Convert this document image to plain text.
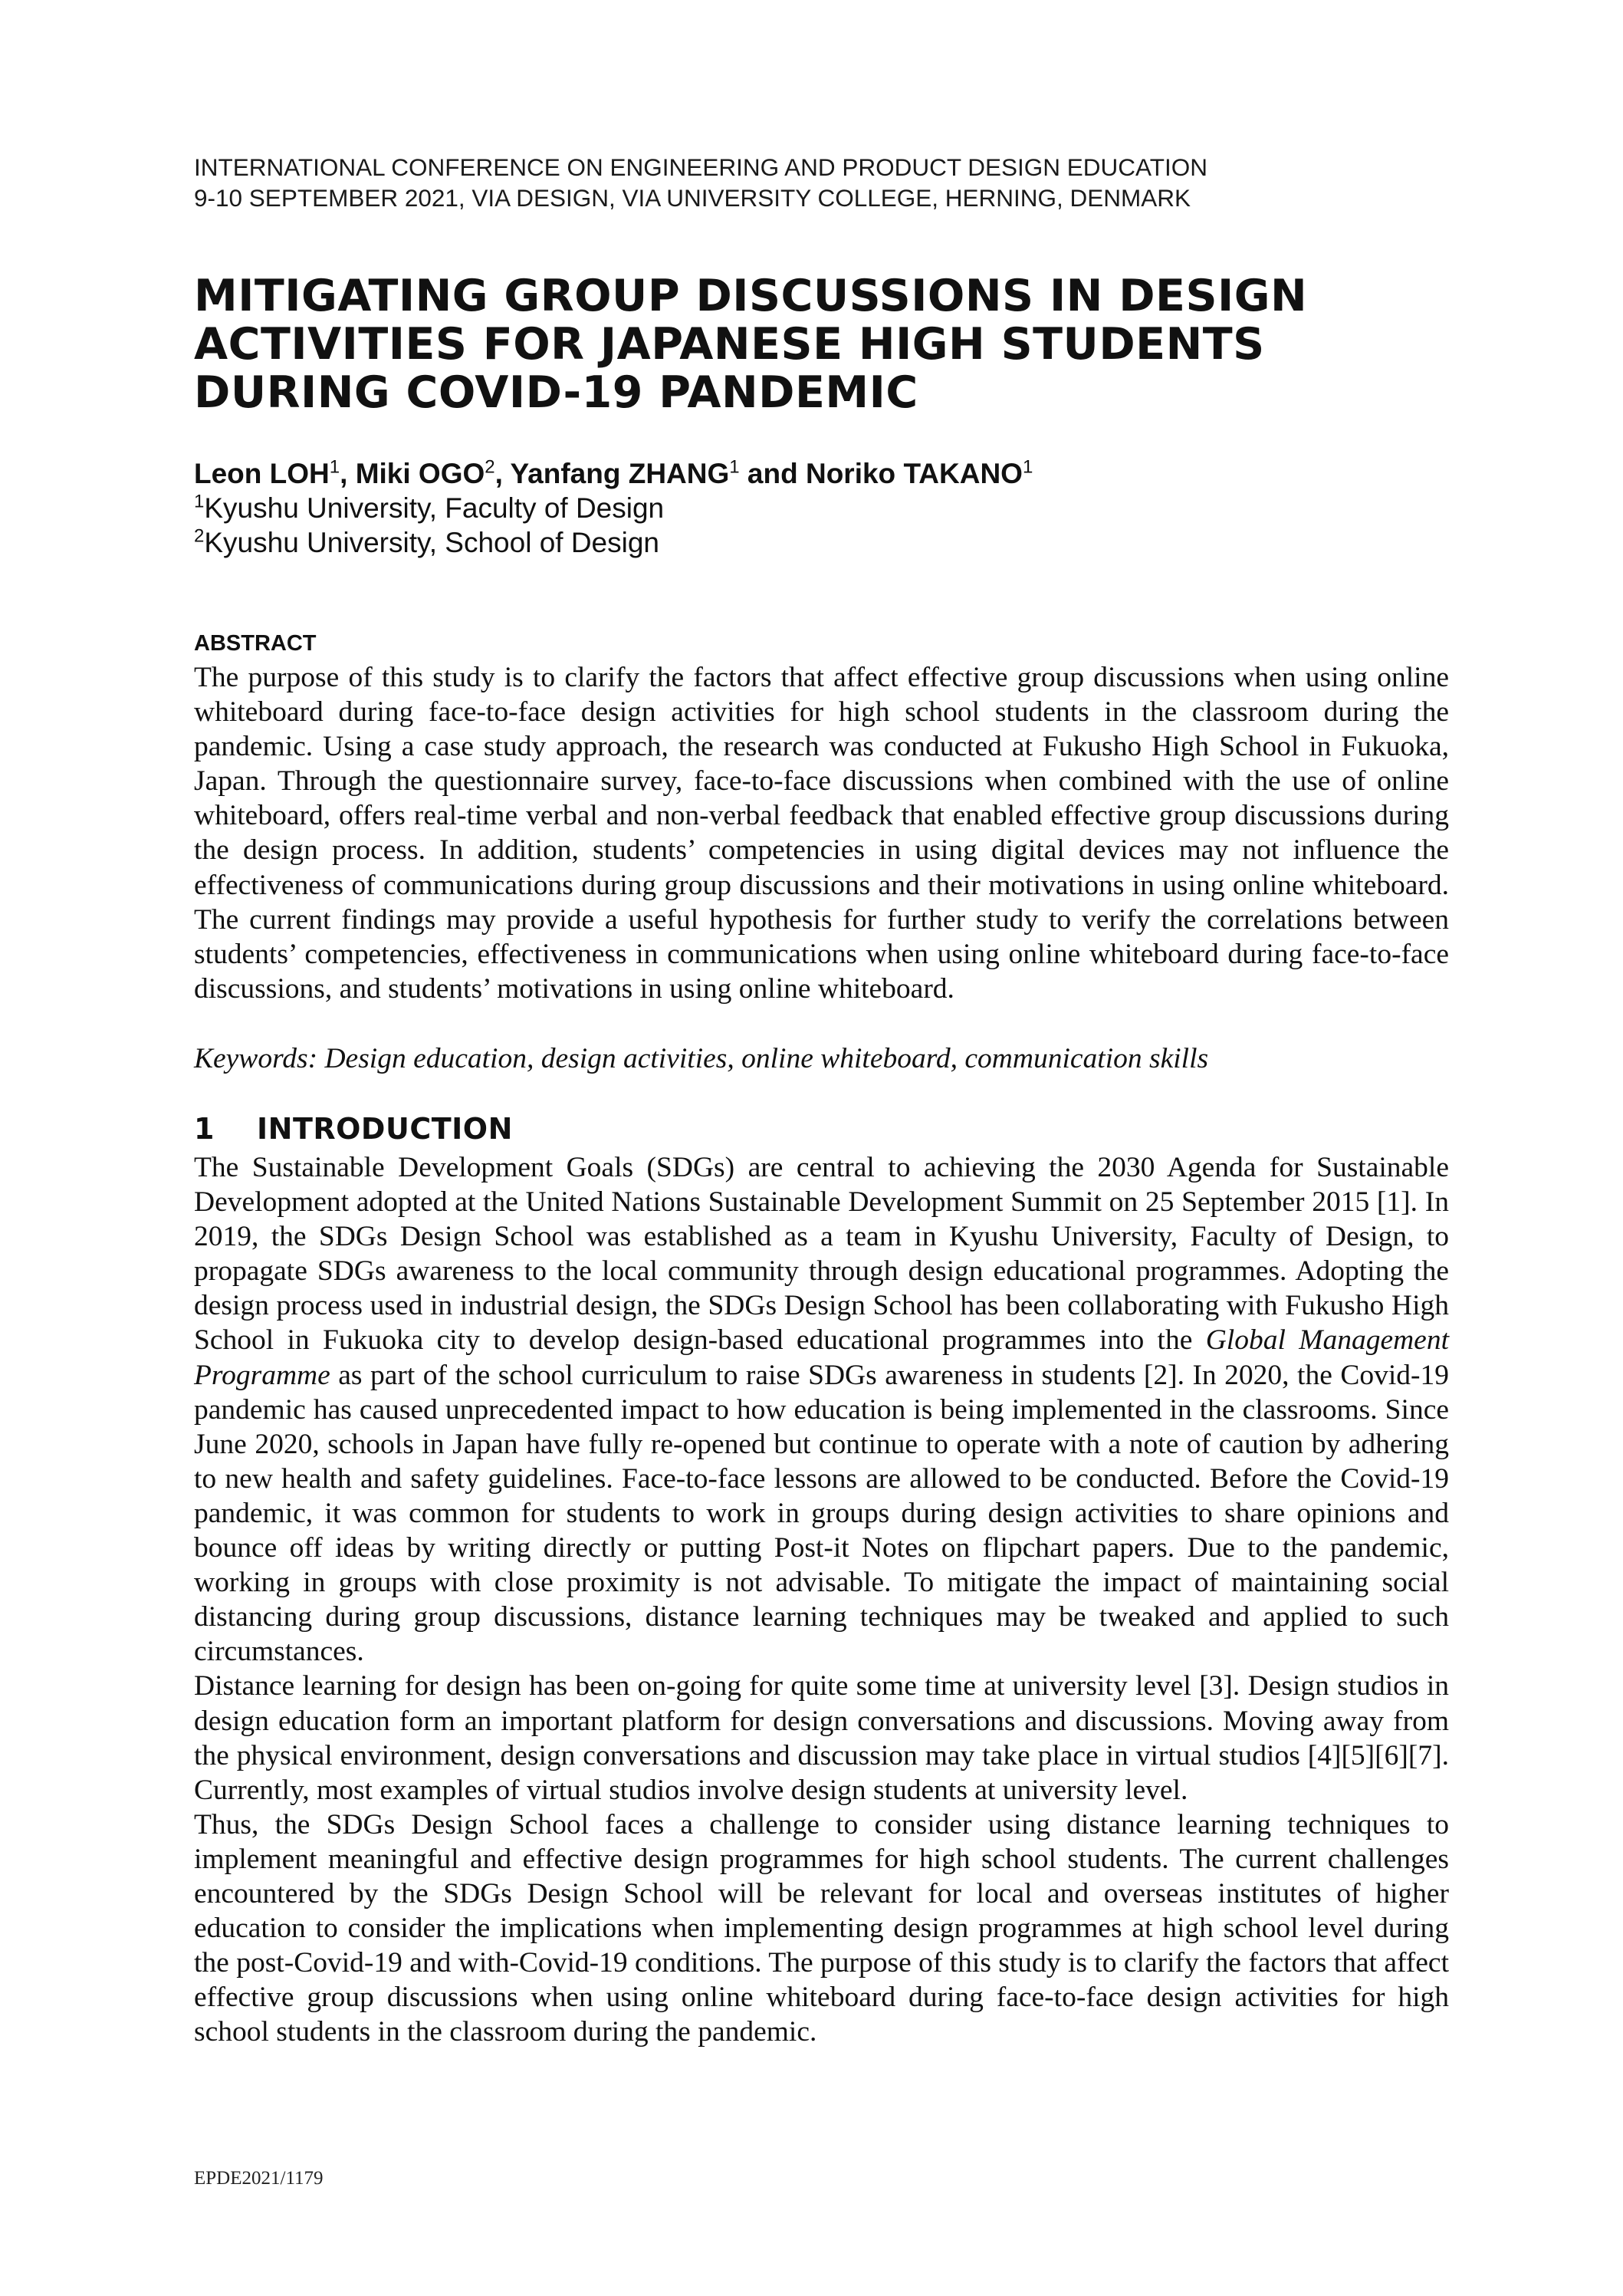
INTERNATIONAL CONFERENCE ON ENGINEERING AND PRODUCT DESIGN EDUCATION
9-10 SEPTEMBER 2021, VIA DESIGN, VIA UNIVERSITY COLLEGE, HERNING, DENMARK
MITIGATING GROUP DISCUSSIONS IN DESIGN
ACTIVITIES FOR JAPANESE HIGH STUDENTS
DURING COVID-19 PANDEMIC
Leon LOH$^1$, Miki OGO$^2$, Yanfang ZHANG$^1$ and Noriko TAKANO$^1$
$^1$Kyushu University, Faculty of Design
$^2$Kyushu University, School of Design
ABSTRACT
The purpose of this study is to clarify the factors that affect effective group discussions when using online whiteboard during face-to-face design activities for high school students in the classroom during the pandemic. Using a case study approach, the research was conducted at Fukusho High School in Fukuoka, Japan. Through the questionnaire survey, face-to-face discussions when combined with the use of online whiteboard, offers real-time verbal and non-verbal feedback that enabled effective group discussions during the design process. In addition, students’ competencies in using digital devices may not influence the effectiveness of communications during group discussions and their motivations in using online whiteboard. The current findings may provide a useful hypothesis for further study to verify the correlations between students’ competencies, effectiveness in communications when using online whiteboard during face-to-face discussions, and students’ motivations in using online whiteboard.
Keywords: Design education, design activities, online whiteboard, communication skills
1 INTRODUCTION

The Sustainable Development Goals (SDGs) are central to achieving the 2030 Agenda for Sustainable Development adopted at the United Nations Sustainable Development Summit on 25 September 2015 [1]. In 2019, the SDGs Design School was established as a team in Kyushu University, Faculty of Design, to propagate SDGs awareness to the local community through design educational programmes. Adopting the design process used in industrial design, the SDGs Design School has been collaborating with Fukusho High School in Fukuoka city to develop design-based educational programmes into the Global Management Programme as part of the school curriculum to raise SDGs awareness in students [2]. In 2020, the Covid-19 pandemic has caused unprecedented impact to how education is being implemented in the classrooms. Since June 2020, schools in Japan have fully re-opened but continue to operate with a note of caution by adhering to new health and safety guidelines. Face-to-face lessons are allowed to be conducted. Before the Covid-19 pandemic, it was common for students to work in groups during design activities to share opinions and bounce off ideas by writing directly or putting Post-it Notes on flipchart papers. Due to the pandemic, working in groups with close proximity is not advisable. To mitigate the impact of maintaining social distancing during group discussions, distance learning techniques may be tweaked and applied to such circumstances.

Distance learning for design has been on-going for quite some time at university level [3]. Design studios in design education form an important platform for design conversations and discussions. Moving away from the physical environment, design conversations and discussion may take place in virtual studios [4][5][6][7]. Currently, most examples of virtual studios involve design students at university level.

Thus, the SDGs Design School faces a challenge to consider using distance learning techniques to implement meaningful and effective design programmes for high school students. The current challenges encountered by the SDGs Design School will be relevant for local and overseas institutes of higher education to consider the implications when implementing design programmes at high school level during the post-Covid-19 and with-Covid-19 conditions. The purpose of this study is to clarify the factors that affect effective group discussions when using online whiteboard during face-to-face design activities for high school students in the classroom during the pandemic.

EPDE2021/1179
